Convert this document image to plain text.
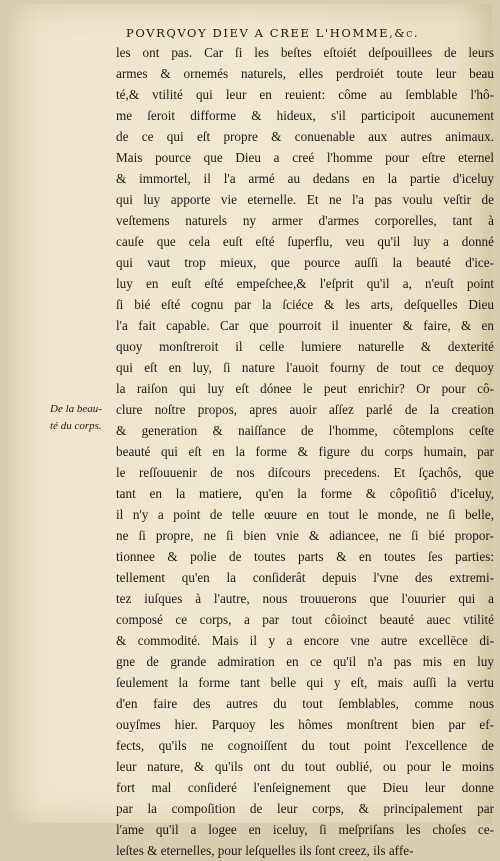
POVRQVOY DIEV A CREE L'HOMME,&c.
De la beau-
té du corps.
les ont pas. Car ſi les beſtes eſtoiét deſpouillees de leurs
armes & ornemés naturels, elles perdroiét toute leur beau
té,& vtilité qui leur en reuient: côme au ſemblable l'hô-
me ſeroit difforme & hideux, s'il participoit aucunement
de ce qui eſt propre & conuenable aux autres animaux.
Mais pource que Dieu a creé l'homme pour eſtre eternel
& immortel, il l'a armé au dedans en la partie d'iceluy
qui luy apporte vie eternelle. Et ne l'a pas voulu veſtir de
veſtemens naturels ny armer d'armes corporelles, tant à
cauſe que cela euſt eſté ſuperflu, veu qu'il luy a donné
qui vaut trop mieux, que pource auſſi la beauté d'ice-
luy en euſt eſté empeſchee,& l'eſprit qu'il a, n'euſt point
ſi bié eſté cognu par la ſciéce & les arts, deſquelles Dieu
l'a fait capable. Car que pourroit il inuenter & faire, & en
quoy monſtreroit il celle lumiere naturelle & dexterité
qui eſt en luy, ſi nature l'auoit fourny de tout ce dequoy
la raiſon qui luy eſt dónee le peut enrichir? Or pour cô-
clure noſtre propos, apres auoir aſſez parlé de la creation
& generation & naiſſance de l'homme, côtemplons ceſte
beauté qui eſt en la forme & figure du corps humain, par
le reſſouuenir de nos diſcours precedens. Et ſçachôs, que
tant en la matiere, qu'en la forme & côpoſitiô d'iceluy,
il n'y a point de telle œuure en tout le monde, ne ſi belle,
ne ſi propre, ne ſi bien vnie & adiancee, ne ſi bié propor-
tionnee & polie de toutes parts & en toutes ſes parties:
tellement qu'en la conſiderât depuis l'vne des extremi-
tez iuſques à l'autre, nous trouuerons que l'ouurier qui a
composé ce corps, a par tout côioinct beauté auec vtilité
& commodité. Mais il y a encore vne autre excellēce di-
gne de grande admiration en ce qu'il n'a pas mis en luy
ſeulement la forme tant belle qui y eſt, mais auſſi la vertu
d'en faire des autres du tout ſemblables, comme nous
ouyſmes hier. Parquoy les hômes monſtrent bien par ef-
fects, qu'ils ne cognoiſſent du tout point l'excellence de
leur nature, & qu'ils ont du tout oublié, ou pour le moins
fort mal conſideré l'enſeignement que Dieu leur donne
par la compoſition de leur corps, & principalement par
l'ame qu'il a logee en iceluy, ſi meſpriſans les choſes ce-
leſtes & eternelles, pour leſquelles ils ſont creez, ils affe-
